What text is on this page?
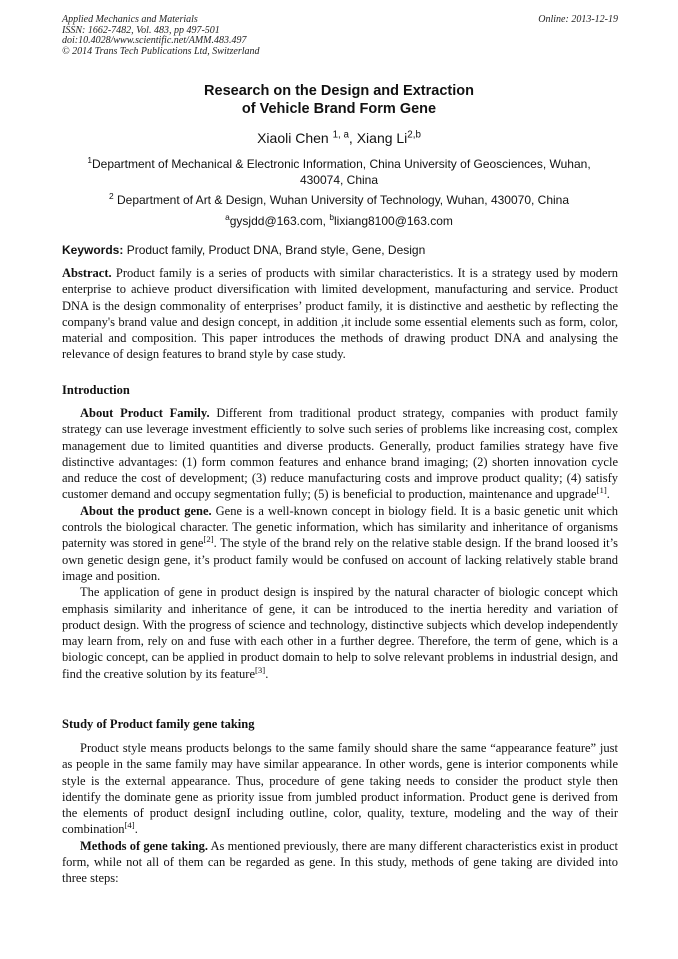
Applied Mechanics and Materials
ISSN: 1662-7482, Vol. 483, pp 497-501
doi:10.4028/www.scientific.net/AMM.483.497
© 2014 Trans Tech Publications Ltd, Switzerland
Online: 2013-12-19
Research on the Design and Extraction
of Vehicle Brand Form Gene
Xiaoli Chen $^{1, a}$, Xiang Li$^{2,b}$
$^1$Department of Mechanical & Electronic Information, China University of Geosciences, Wuhan, 430074, China
$^2$ Department of Art & Design, Wuhan University of Technology, Wuhan, 430070, China
$^a$gysjdd@163.com, $^b$lixiang8100@163.com
Keywords: Product family, Product DNA, Brand style, Gene, Design

Abstract. Product family is a series of products with similar characteristics. It is a strategy used by modern enterprise to achieve product diversification with limited development, manufacturing and service. Product DNA is the design commonality of enterprises’ product family, it is distinctive and aesthetic by reflecting the company's brand value and design concept, in addition ,it include some essential elements such as form, color, material and composition. This paper introduces the methods of drawing product DNA and analysing the relevance of design features to brand style by case study.

Introduction

About Product Family. Different from traditional product strategy, companies with product family strategy can use leverage investment efficiently to solve such series of problems like increasing cost, complex management due to limited quantities and diverse products. Generally, product families strategy have five distinctive advantages: (1) form common features and enhance brand imaging; (2) shorten innovation cycle and reduce the cost of development; (3) reduce manufacturing costs and improve product quality; (4) satisfy customer demand and occupy segmentation fully; (5) is beneficial to production, maintenance and upgrade[1].

About the product gene. Gene is a well-known concept in biology field. It is a basic genetic unit which controls the biological character. The genetic information, which has similarity and inheritance of organisms paternity was stored in gene[2]. The style of the brand rely on the relative stable design. If the brand loosed it’s own genetic design gene, it’s product family would be confused on account of lacking relatively stable brand image and position.

The application of gene in product design is inspired by the natural character of biologic concept which emphasis similarity and inheritance of gene, it can be introduced to the inertia heredity and variation of product design. With the progress of science and technology, distinctive subjects which develop independently may learn from, rely on and fuse with each other in a further degree. Therefore, the term of gene, which is a biologic concept, can be applied in product domain to help to solve relevant problems in industrial design, and find the creative solution by its feature[3].

Study of Product family gene taking

Product style means products belongs to the same family should share the same “appearance feature” just as people in the same family may have similar appearance. In other words, gene is interior components while style is the external appearance. Thus, procedure of gene taking needs to consider the product style then identify the dominate gene as priority issue from jumbled product information. Product gene is derived from the elements of product designI including outline, color, quality, texture, modeling and the way of their combination[4].

Methods of gene taking. As mentioned previously, there are many different characteristics exist in product form, while not all of them can be regarded as gene. In this study, methods of gene taking are divided into three steps:
